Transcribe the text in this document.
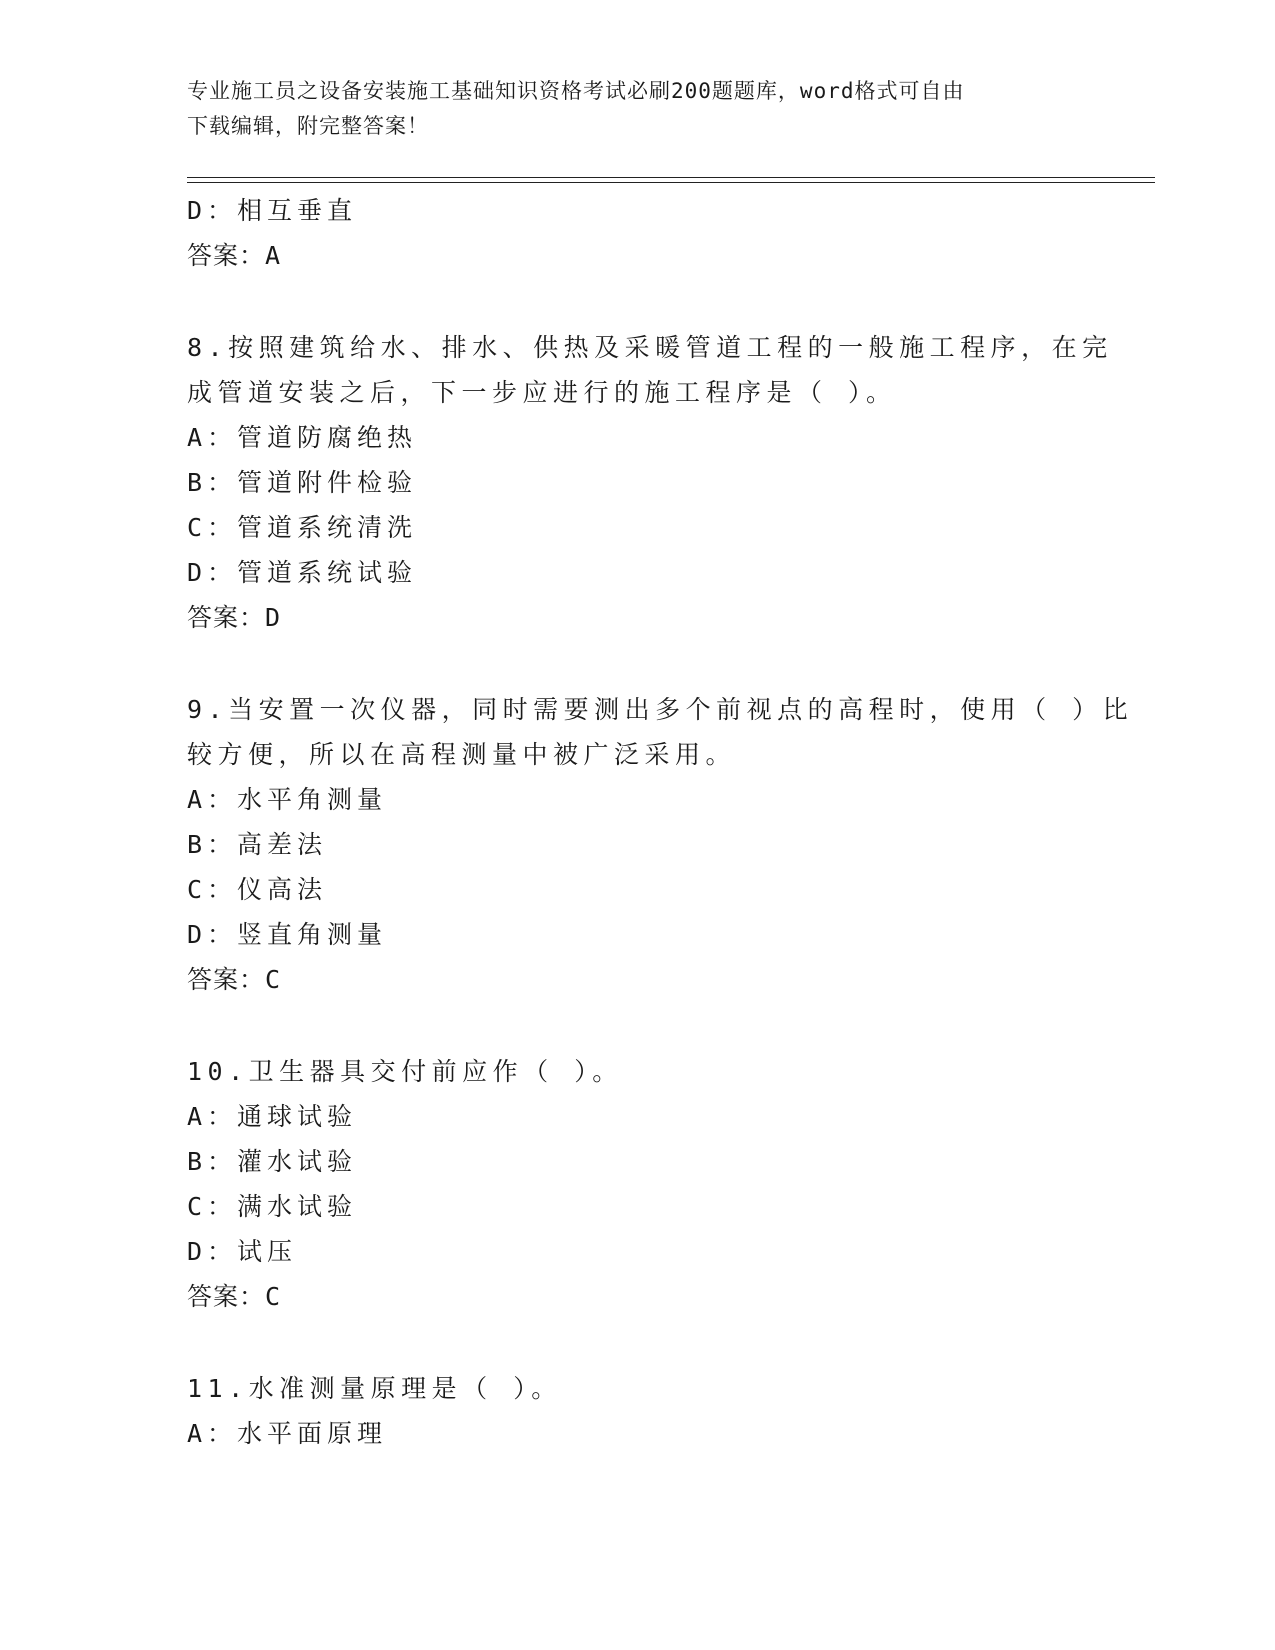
专业施工员之设备安装施工基础知识资格考试必刷200题题库，word格式可自由
下载编辑，附完整答案！
D：相互垂直
答案：A
8.按照建筑给水、排水、供热及采暖管道工程的一般施工程序，在完
成管道安装之后，下一步应进行的施工程序是（ ）。
A：管道防腐绝热
B：管道附件检验
C：管道系统清洗
D：管道系统试验
答案：D
9.当安置一次仪器，同时需要测出多个前视点的高程时，使用（ ）比
较方便，所以在高程测量中被广泛采用。
A：水平角测量
B：高差法
C：仪高法
D：竖直角测量
答案：C
10.卫生器具交付前应作（ ）。
A：通球试验
B：灌水试验
C：满水试验
D：试压
答案：C
11.水准测量原理是（ ）。
A：水平面原理
